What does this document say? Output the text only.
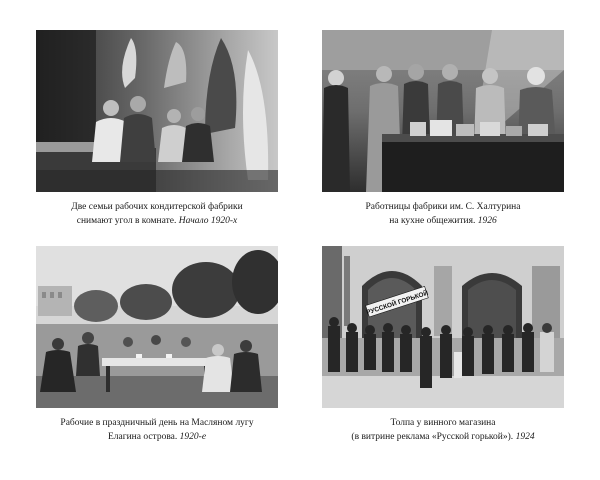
Две семьи рабочих кондитерской фабрики
снимают угол в комнате. Начало 1920-х
Работницы фабрики им. С. Халтурина
на кухне общежития. 1926
Рабочие в праздничный день на Масляном лугу
Елагина острова. 1920-е
РУССКОЙ ГОРЬКОЙ
Толпа у винного магазина
(в витрине реклама «Русской горькой»). 1924
